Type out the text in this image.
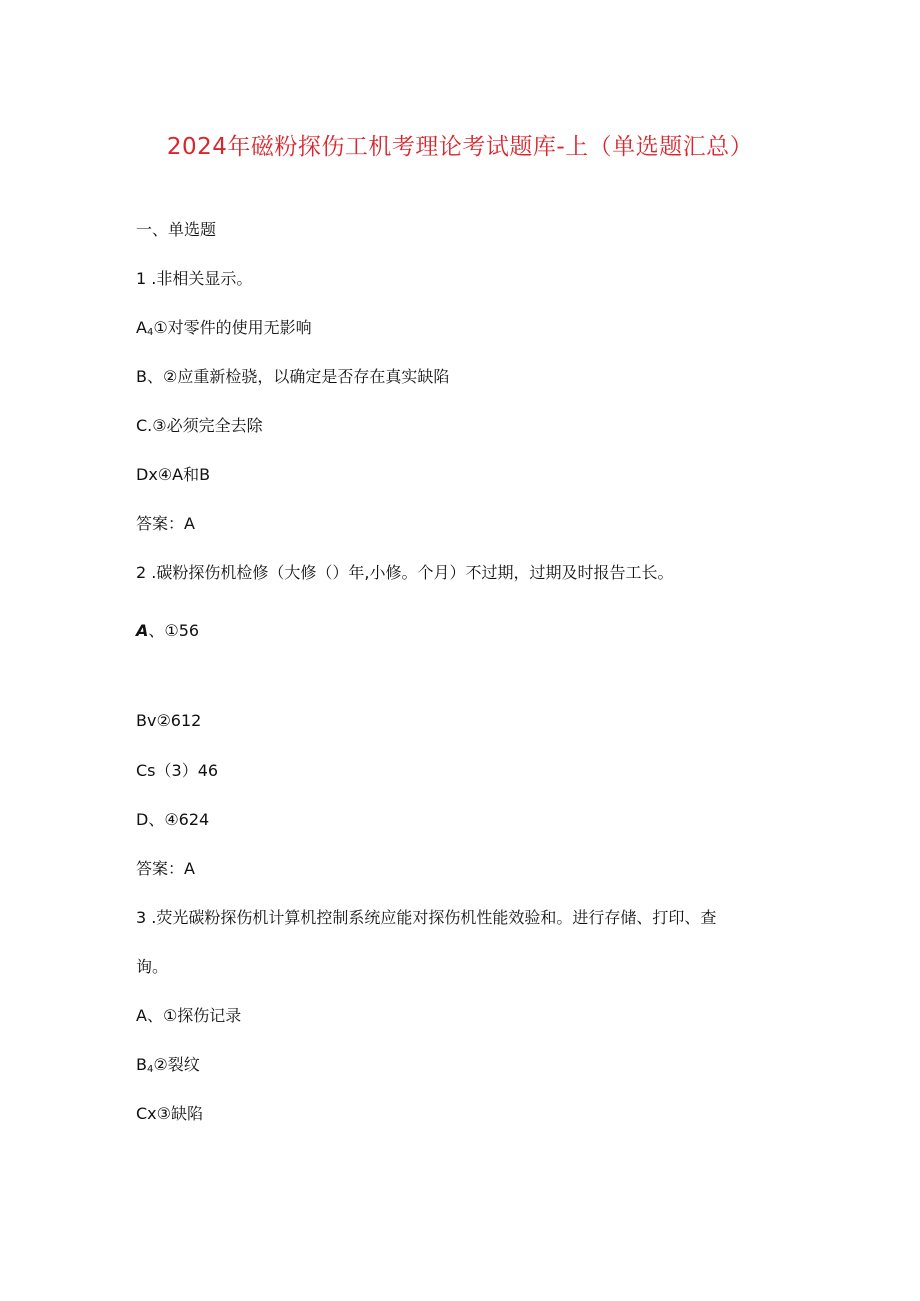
2024年磁粉探伤工机考理论考试题库-上（单选题汇总）
一、单选题
1 .非相关显示。
$A_4①$对零件的使用无影响
B、②应重新检骁，以确定是否存在真实缺陷
C.③必须完全去除
Dx④A和B
答案：A
2 .碳粉探伤机检修（大修（）年,小修。个月）不过期，过期及时报告工长。
A、①56
Bv②612
Cs（3）46
D、④624
答案：A
3 .荧光碳粉探伤机计算机控制系统应能对探伤机性能效验和。进行存储、打印、查
询。
A、①探伤记录
$B_4②$裂纹
Cx③缺陷
